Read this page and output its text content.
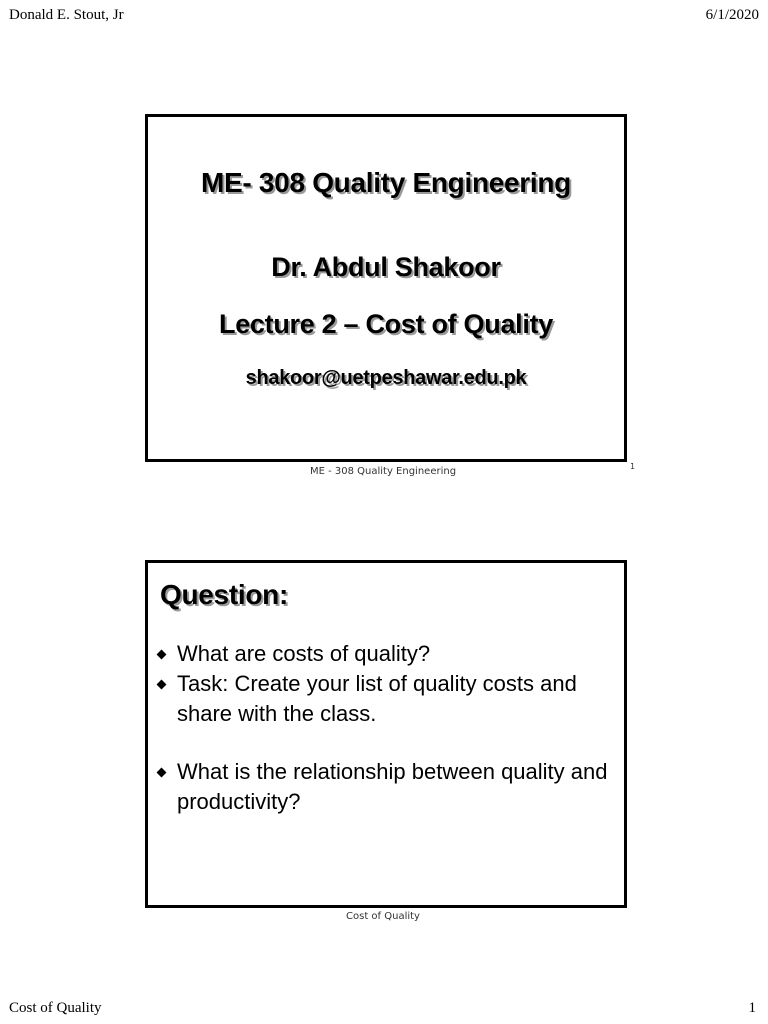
Donald E. Stout, Jr	6/1/2020
ME- 308 Quality Engineering
Dr. Abdul Shakoor
Lecture 2 – Cost of Quality
shakoor@uetpeshawar.edu.pk
ME - 308 Quality Engineering	1
Question:
What are costs of quality?
Task: Create your list of quality costs and share with the class.
What is the relationship between quality and productivity?
Cost of Quality
Cost of Quality	1
